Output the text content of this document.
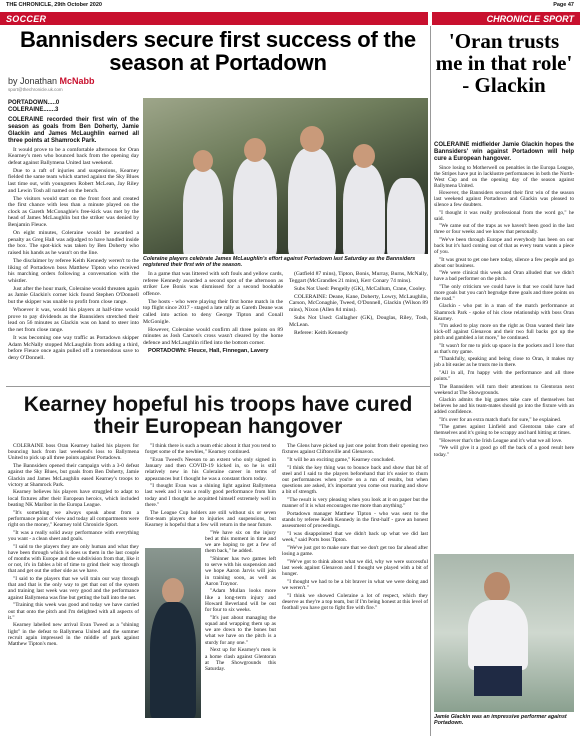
THE CHRONICLE, 29th October 2020	Page 47
SOCCER	CHRONICLE SPORT
Bannisders secure first success of the season at Portadown
by Jonathan McNabb
sport@thechronicle.uk.com
PORTADOWN.....0
COLERAINE.......3

COLERAINE recorded their first win of the season as goals from Ben Doherty, Jamie Glackin and James McLaughlin earned all three points at Shamrock Park.

It would prove to be a comfortable afternoon for Oran Kearney's men who bounced back from the opening day defeat against Ballymena United last weekend.

Due to a raft of injuries and suspensions, Kearney fielded the same team which started against the Sky Blues last time out, with youngsters Robert McLean, Jay Riley and Lewin Tosh all named on the bench.

The visitors would start on the front foot and created the first chance with less than a minute played on the clock as Gareth McConaghie's free-kick was met by the head of James McLaughlin but the striker was denied by Benjamin Fleuce.

On eight minutes, Coleraine would be awarded a penalty as Greg Hall was adjudged to have handled inside the box. The spot-kick was taken by Ben Doherty who raised his hands as he wasn't on the line.

The disclaimer by referee Keith Kennedy weren't to the liking of Portadown boss Matthew Tipton who received his marching orders following a conversation with the whistler.

Just after the hour mark, Coleraine would threaten again as Jamie Glackin's corner kick found Stephen O'Donnell but the skipper was unable to profit from close range.

Whoever it was, would his players at half-time would prove to pay dividends as the Bannsiders stretched their lead on 56 minutes as Glackin was on hand to steer into the net from close range.

It was becoming one way traffic as Portadown skipper Adam McNally stopped McLaughlin from adding a third, before Fleuce once again pulled off a tremendous save to deny O'Donnell.

Coleraine players celebrate James McLaughlin's effort against Portadown last Saturday as the Bannsiders registered their first win of the season.

In a game that was littered with soft fouls and yellow cards, referee Kennedy awarded a second spot of the afternoon as striker Lee Bonis was dismissed for a second bookable offence.

The hosts - who were playing their first home match in the top flight since 2017 - staged a late rally as Gareth Deane was called into action to deny George Tipton and Conall McGonigle.

However, Coleraine would confirm all three points on 89 minutes as Josh Carson's cross wasn't cleared by the home defence and McLaughlin rifled into the bottom corner.

PORTADOWN: Fleuce, Hall, Finnegan, Lavery

(Gatfield 87 mins), Tipton, Bonis, Murray, Burns, McNally, Teggart (McGrandles 21 mins), Kerr Conary 74 mins).

Subs Not Used: Pengelly (GK), McCallum, Crane, Cooley.

COLERAINE: Deane, Kane, Doherty, Lowry, McLaughlin, Carson, McConaghie, Tweed, O'Donnell, Glackin (Wilson 89 mins), Nixon (Allen 84 mins).

Subs Not Used: Gallagher (GK), Douglas, Riley, Tosh, McLean.

Referee: Keith Kennedy

'Oran trusts me in that role' - Glackin

COLERAINE midfielder Jamie Glackin hopes the Bannsiders' win against Portadown will help cure a European hangover.

Since losing to Motherwell on penalties in the Europa League, the Stripes have put in lacklustre performances in both the North-West Cup and on the opening day of the season against Ballymena United.

However, the Bannsiders secured their first win of the season last weekend against Portadown and Glackin was pleased to silence a few doubters.

"I thought it was really professional from the word go," he said.

"We came out of the traps as we haven't been good in the last three or four weeks and we know that personally.

"We've been through Europe and everybody has been on our back but it's hard coming out of that as every team wants a piece of you.

"It was great to get one here today, silence a few people and go about our business.

"We were clinical this week and Oran alluded that we didn't have a bad performer on the pitch.

"The only criticism we could have is that we could have had more goals but you can't begrudge three goals and three points on the road."

Glackin - who put in a man of the match performance at Shamrock Park - spoke of his close relationship with boss Oran Kearney.

"I'm asked to play more on the right as Oran wanted their late kick-off against Glenavon and their two full backs got up the pitch and gambled a lot more," he continued.

"It wasn't for me to pick up space in the pockets and I love that as that's my game.

"Thankfully, speaking and being close to Oran, it makes my job a bit easier as he trusts me in there.

"All in all, I'm happy with the performance and all three points."

The Bannsiders will turn their attentions to Glentoran next weekend at The Showgrounds.

Glackin admits the big games take care of themselves but believes he and his team-mates should go into the fixture with an added confidence.

"It's over for an extra match that's for sure," he explained.

"The games against Linfield and Glentoran take care of themselves and it's going to be scrappy and hard hitting at times.

"However that's the Irish League and it's what we all love.

"We will give it a good go off the back of a good result here today."

Jamie Glackin was an impressive performer against Portadown.
Kearney hopeful his troops have cured their European hangover

COLERAINE boss Oran Kearney hailed his players for bouncing back from last weekend's loss to Ballymena United to pick up all three points against Portadown.

The Bannsiders opened their campaign with a 3-0 defeat against the Sky Blues, but goals from Ben Doherty, Jamie Glackin and James McLaughlin eased Kearney's troops to victory at Shamrock Park.

Kearney believes his players have struggled to adapt to local fixtures after their European heroics, which included beating NK Maribor in the Europa League.

"It's something we always speak about from a performance point of view and today all compartments were right on the money," Kearney told Chronicle Sport.

"It was a really solid away performance with everything you want - a clean sheet and goals.

"I said to the players they are only human and what they have been through which is does us them in the last couple of months with Europe and the subdivision from that, like it or not, it's in fables a bit of time to grind their way through that and get out the other side as we have.

"I said to the players that we will train our way through that and that is the only way to get that out of the system and training last week was very good and the performance against Ballymena was fine but getting the ball into the net.

"Training this week was good and today we have carried out that onto the pitch and I'm delighted with all aspects of it."

Kearney labelled new arrival Evan Tweed as a "shining light" in the defeat to Ballymena United and the summer recruit again impressed in the middle of park against Matthew Tipton's men.

"I think there is such a team ethic about it that you tend to forget some of the newbies," Kearney continued.

"Evan Tweed's Neeson to an extent who only signed in January and then COVID-19 kicked in, so he is still relatively new in his Coleraine career in terms of appearances but I thought he was a constant thorn today.

"I thought Evan was a shining light against Ballymena last week and it was a really good performance from him today and I thought he acquitted himself extremely well in there."

The League Cup holders are still without six or seven first-team players due to injuries and suspensions, but Kearney is hopeful that a few will return in the near future.

"We have six on the injury bed at this moment in time and we are hoping to get a few of them back," he added.

"Shinner has two games left to serve with his suspension and we hope Aaron Jarvis will join in training soon, as well as Aaron Traynor.

"Adam Mullan looks more like a long-term injury and Howard Beverland will be out for four to six weeks.

"It's just about managing the squad and wrapping them up as we are down to the bones but what we have on the pitch is a sturdy for any one."

Next up for Kearney's men is a home clash against Glentoran at The Showgrounds this Saturday.

The Glens have picked up just one point from their opening two fixtures against Cliftonville and Glenavon.

"It will be an exciting game," Kearney concluded.

"I think the key thing was to bounce back and show that bit of steel and I said to the players beforehand that it's easier to churn out performances when you're on a run of results, but when questions are asked, it's important you come out roaring and show a bit of strength.

"The result is very pleasing when you look at it on paper but the manner of it is what encourages me more than anything."

Portadown manager Matthew Tipton - who was sent to the stands by referee Keith Kennedy in the first-half - gave an honest assessment of proceedings.

"I was disappointed that we didn't back up what we did last week," said Ports boss Tipton.

"We've just got to make sure that we don't get too far ahead after losing a game.

"We've got to think about what we did, why we were successful last week against Glenavon and I thought we played with a bit of hunger.

"I thought we had to be a bit braver in what we were doing and we weren't."

"I think we showed Coleraine a lot of respect, which they deserve as they're a top team, but if I'm being honest at this level of football you have got to fight fire with fire."
